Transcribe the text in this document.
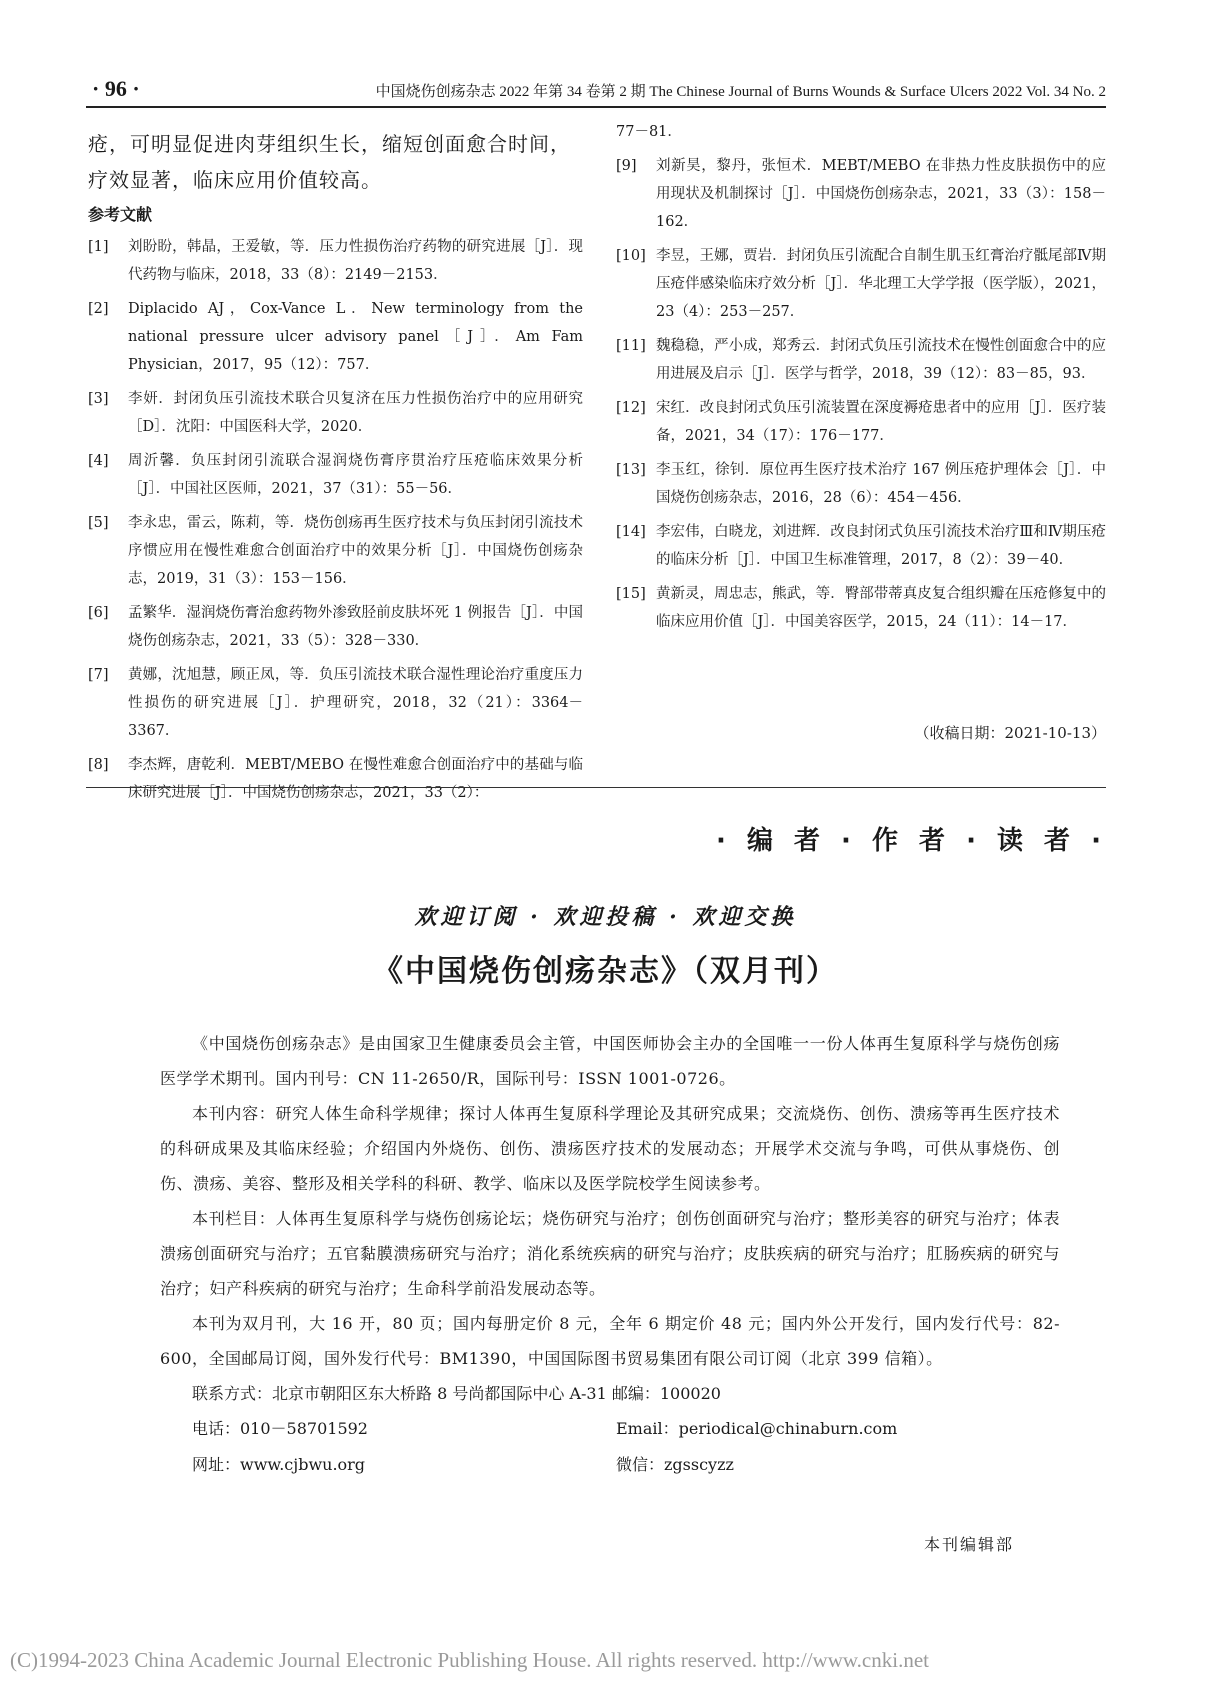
· 96 ·	中国烧伤创疡杂志 2022 年第 34 卷第 2 期 The Chinese Journal of Burns Wounds & Surface Ulcers 2022 Vol. 34 No. 2

疮，可明显促进肉芽组织生长，缩短创面愈合时间，疗效显著，临床应用价值较高。

参考文献
[1] 刘盼盼，韩晶，王爱敏，等．压力性损伤治疗药物的研究进展［J］．现代药物与临床，2018，33（8）：2149－2153．
[2] Diplacido AJ，Cox-Vance L．New terminology from the national pressure ulcer advisory panel［J］．Am Fam Physician，2017，95（12）：757．
[3] 李妍．封闭负压引流技术联合贝复济在压力性损伤治疗中的应用研究［D］．沈阳：中国医科大学，2020．
[4] 周沂馨．负压封闭引流联合湿润烧伤膏序贯治疗压疮临床效果分析［J］．中国社区医师，2021，37（31）：55－56．
[5] 李永忠，雷云，陈莉，等．烧伤创疡再生医疗技术与负压封闭引流技术序惯应用在慢性难愈合创面治疗中的效果分析［J］．中国烧伤创疡杂志，2019，31（3）：153－156．
[6] 孟繁华．湿润烧伤膏治愈药物外渗致胫前皮肤坏死 1 例报告［J］．中国烧伤创疡杂志，2021，33（5）：328－330．
[7] 黄娜，沈旭慧，顾正凤，等．负压引流技术联合湿性理论治疗重度压力性损伤的研究进展［J］．护理研究，2018，32（21）：3364－3367．
[8] 李杰辉，唐乾利．MEBT/MEBO 在慢性难愈合创面治疗中的基础与临床研究进展［J］．中国烧伤创疡杂志，2021，33（2）：
77－81．
[9] 刘新昊，黎丹，张恒术．MEBT/MEBO 在非热力性皮肤损伤中的应用现状及机制探讨［J］．中国烧伤创疡杂志，2021，33（3）：158－162．
[10] 李昱，王娜，贾岩．封闭负压引流配合自制生肌玉红膏治疗骶尾部Ⅳ期压疮伴感染临床疗效分析［J］．华北理工大学学报（医学版），2021，23（4）：253－257．
[11] 魏稳稳，严小成，郑秀云．封闭式负压引流技术在慢性创面愈合中的应用进展及启示［J］．医学与哲学，2018，39（12）：83－85，93．
[12] 宋红．改良封闭式负压引流装置在深度褥疮患者中的应用［J］．医疗装备，2021，34（17）：176－177．
[13] 李玉红，徐钊．原位再生医疗技术治疗 167 例压疮护理体会［J］．中国烧伤创疡杂志，2016，28（6）：454－456．
[14] 李宏伟，白晓龙，刘进辉．改良封闭式负压引流技术治疗Ⅲ和Ⅳ期压疮的临床分析［J］．中国卫生标准管理，2017，8（2）：39－40．
[15] 黄新灵，周忠志，熊武，等．臀部带蒂真皮复合组织瓣在压疮修复中的临床应用价值［J］．中国美容医学，2015，24（11）：14－17．
（收稿日期：2021-10-13）
· 编 者 · 作 者 · 读 者 ·
欢迎订阅 · 欢迎投稿 · 欢迎交换
《中国烧伤创疡杂志》（双月刊）

《中国烧伤创疡杂志》是由国家卫生健康委员会主管，中国医师协会主办的全国唯一一份人体再生复原科学与烧伤创疡医学学术期刊。国内刊号：CN 11-2650/R，国际刊号：ISSN 1001-0726。

本刊内容：研究人体生命科学规律；探讨人体再生复原科学理论及其研究成果；交流烧伤、创伤、溃疡等再生医疗技术的科研成果及其临床经验；介绍国内外烧伤、创伤、溃疡医疗技术的发展动态；开展学术交流与争鸣，可供从事烧伤、创伤、溃疡、美容、整形及相关学科的科研、教学、临床以及医学院校学生阅读参考。

本刊栏目：人体再生复原科学与烧伤创疡论坛；烧伤研究与治疗；创伤创面研究与治疗；整形美容的研究与治疗；体表溃疡创面研究与治疗；五官黏膜溃疡研究与治疗；消化系统疾病的研究与治疗；皮肤疾病的研究与治疗；肛肠疾病的研究与治疗；妇产科疾病的研究与治疗；生命科学前沿发展动态等。

本刊为双月刊，大 16 开，80 页；国内每册定价 8 元，全年 6 期定价 48 元；国内外公开发行，国内发行代号：82-600，全国邮局订阅，国外发行代号：BM1390，中国国际图书贸易集团有限公司订阅（北京 399 信箱）。

联系方式：北京市朝阳区东大桥路 8 号尚都国际中心 A-31 邮编：100020

电话：010－58701592	Email：periodical@chinaburn.com
网址：www.cjbwu.org	微信：zgsscyzz
本刊编辑部
(C)1994-2023 China Academic Journal Electronic Publishing House. All rights reserved. http://www.cnki.net
